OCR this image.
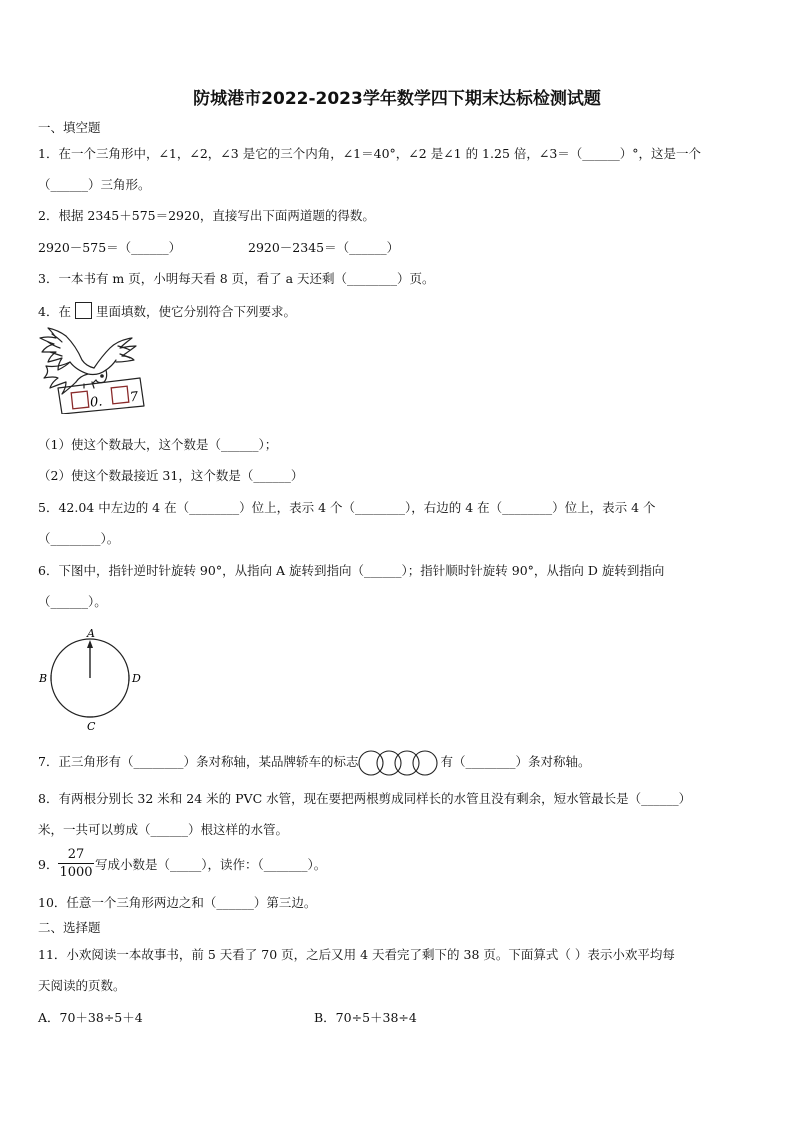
防城港市2022-2023学年数学四下期末达标检测试题
一、填空题
1．在一个三角形中，∠1，∠2，∠3 是它的三个内角，∠1＝40°，∠2 是∠1 的 1.25 倍，∠3＝（______）°，这是一个
（______）三角形。
2．根据 2345＋575＝2920，直接写出下面两道题的得数。
2920－575＝（______）	2920－2345＝（______）
3．一本书有 m 页，小明每天看 8 页，看了 a 天还剩（________）页。
4．在 里面填数，使它分别符合下列要求。
0. 7
（1）使这个数最大，这个数是（______）；
（2）使这个数最接近 31，这个数是（______）
5．42.04 中左边的 4 在（________）位上，表示 4 个（________），右边的 4 在（________）位上，表示 4 个
（________）。
6．下图中，指针逆时针旋转 90°，从指向 A 旋转到指向（______）；指针顺时针旋转 90°，从指向 D 旋转到指向
（______）。
A
B
C
D
7．正三角形有（________）条对称轴，某品牌轿车的标志	有（________）条对称轴。
8．有两根分别长 32 米和 24 米的 PVC 水管，现在要把两根剪成同样长的水管且没有剩余，短水管最长是（______）
米，一共可以剪成（______）根这样的水管。
9． $\frac{27}{1000}$ 写成小数是（_____），读作：（_______）。
10．任意一个三角形两边之和（______）第三边。
二、选择题
11．小欢阅读一本故事书，前 5 天看了 70 页，之后又用 4 天看完了剩下的 38 页。下面算式（ ）表示小欢平均每
天阅读的页数。
A．70＋38÷5＋4	B．70÷5＋38÷4
